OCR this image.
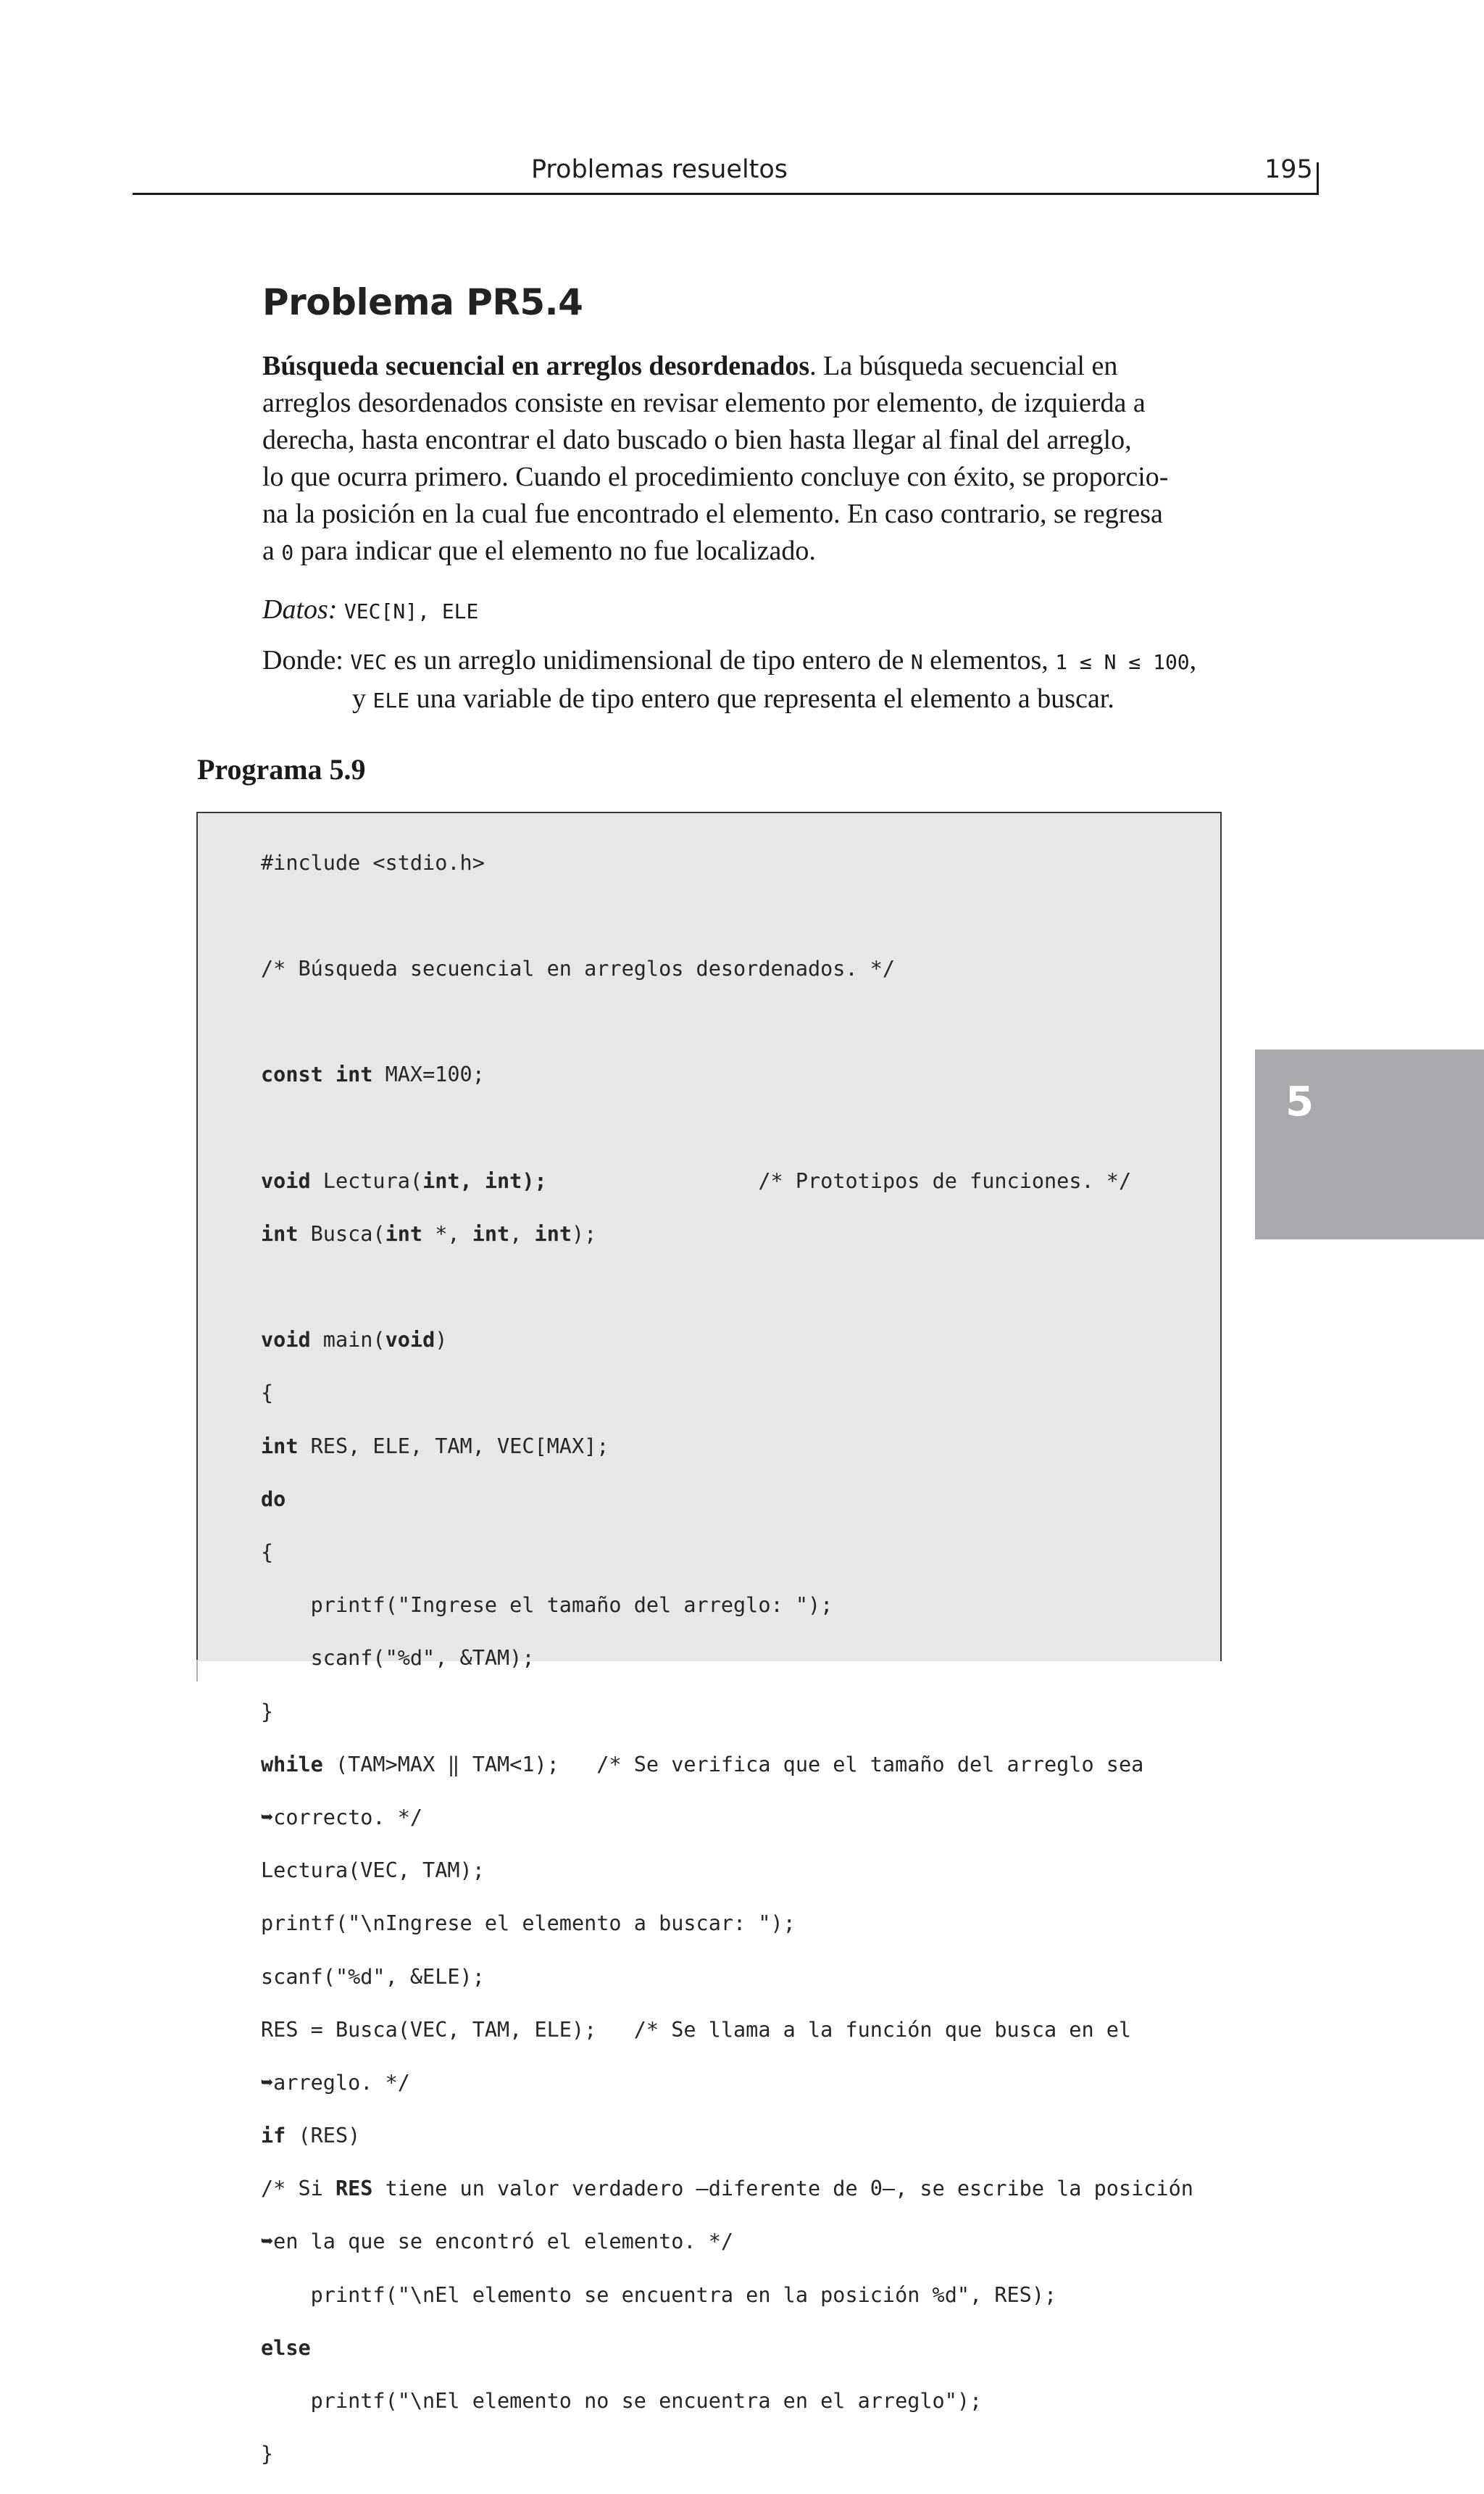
Problemas resueltos	195
Problema PR5.4
Búsqueda secuencial en arreglos desordenados. La búsqueda secuencial en
arreglos desordenados consiste en revisar elemento por elemento, de izquierda a
derecha, hasta encontrar el dato buscado o bien hasta llegar al final del arreglo,
lo que ocurra primero. Cuando el procedimiento concluye con éxito, se proporcio-
na la posición en la cual fue encontrado el elemento. En caso contrario, se regresa
a 0 para indicar que el elemento no fue localizado.
Datos: VEC[N], ELE
Donde: VEC es un arreglo unidimensional de tipo entero de N elementos, 1 ≤ N ≤ 100,
y ELE una variable de tipo entero que representa el elemento a buscar.
Programa 5.9

#include <stdio.h>

/* Búsqueda secuencial en arreglos desordenados. */

const int MAX=100;

void Lectura(int, int);                 /* Prototipos de funciones. */

int Busca(int *, int, int);

void main(void)

{

int RES, ELE, TAM, VEC[MAX];

do

{

printf("Ingrese el tamaño del arreglo: ");

scanf("%d", &TAM);

}

while (TAM>MAX ‖ TAM<1);   /* Se verifica que el tamaño del arreglo sea

➥correcto. */

Lectura(VEC, TAM);

printf("\nIngrese el elemento a buscar: ");

scanf("%d", &ELE);

RES = Busca(VEC, TAM, ELE);   /* Se llama a la función que busca en el

➥arreglo. */

if (RES)

/* Si RES tiene un valor verdadero —diferente de 0—, se escribe la posición

➥en la que se encontró el elemento. */

printf("\nEl elemento se encuentra en la posición %d", RES);

else

printf("\nEl elemento no se encuentra en el arreglo");

}

5
